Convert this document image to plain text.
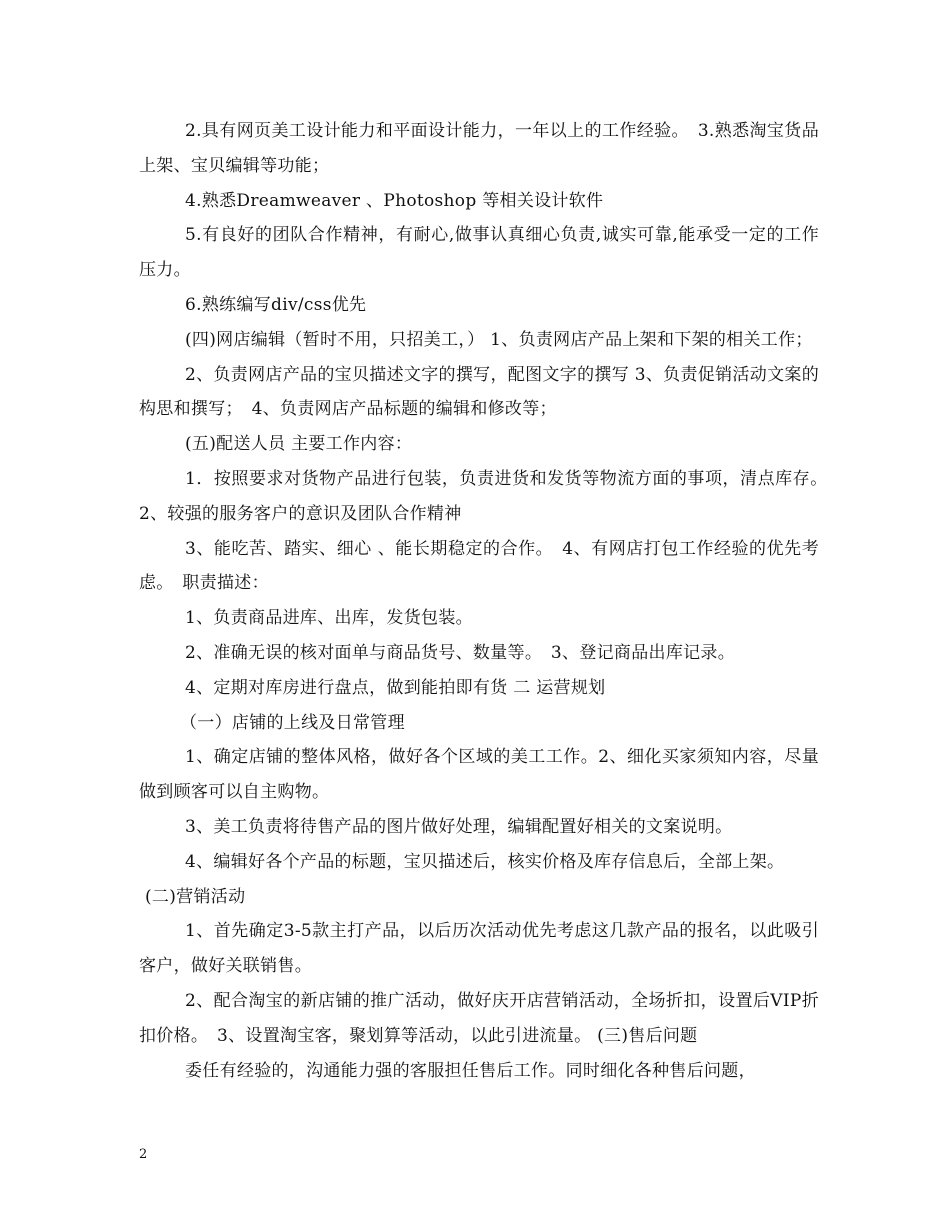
2.具有网页美工设计能力和平面设计能力，一年以上的工作经验。　3.熟悉淘宝货品上架、宝贝编辑等功能；

4.熟悉Dreamweaver 、Photoshop 等相关设计软件

5.有良好的团队合作精神，有耐心,做事认真细心负责,诚实可靠,能承受一定的工作压力。

6.熟练编写div/css优先

(四)网店编辑（暂时不用，只招美工，） 1、负责网店产品上架和下架的相关工作；

2、负责网店产品的宝贝描述文字的撰写，配图文字的撰写 3、负责促销活动文案的构思和撰写；　4、负责网店产品标题的编辑和修改等；

(五)配送人员 主要工作内容：

1．按照要求对货物产品进行包装，负责进货和发货等物流方面的事项，清点库存。　2、较强的服务客户的意识及团队合作精神

3、能吃苦、踏实、细心 、能长期稳定的合作。　4、有网店打包工作经验的优先考虑。　职责描述：

1、负责商品进库、出库，发货包装。

2、准确无误的核对面单与商品货号、数量等。　3、登记商品出库记录。

4、定期对库房进行盘点，做到能拍即有货 二 运营规划

（一）店铺的上线及日常管理

1、确定店铺的整体风格，做好各个区域的美工工作。2、细化买家须知内容，尽量做到顾客可以自主购物。

3、美工负责将待售产品的图片做好处理，编辑配置好相关的文案说明。

4、编辑好各个产品的标题，宝贝描述后，核实价格及库存信息后，全部上架。

(二)营销活动

1、首先确定3-5款主打产品，以后历次活动优先考虑这几款产品的报名，以此吸引客户，做好关联销售。

2、配合淘宝的新店铺的推广活动，做好庆开店营销活动，全场折扣，设置后VIP折扣价格。　3、设置淘宝客，聚划算等活动，以此引进流量。 (三)售后问题

委任有经验的，沟通能力强的客服担任售后工作。同时细化各种售后问题，

2
